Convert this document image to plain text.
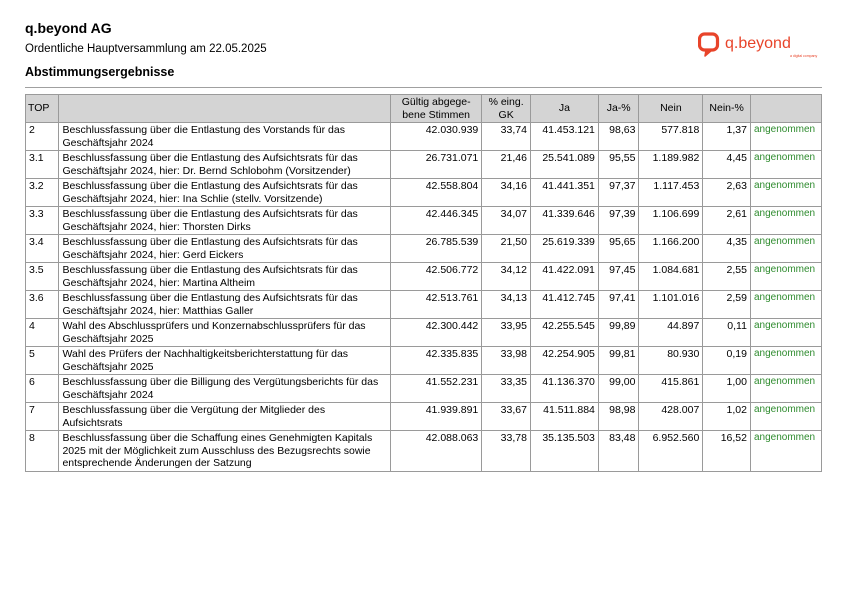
q.beyond AG
Ordentliche Hauptversammlung am 22.05.2025
Abstimmungsergebnisse
q.beyond
a digital company
TOP		Gültig abgege-bene Stimmen	% eing. GK	Ja	Ja-%	Nein	Nein-%	
2	Beschlussfassung über die Entlastung des Vorstands für das Geschäftsjahr 2024	42.030.939	33,74	41.453.121	98,63	577.818	1,37	angenommen
3.1	Beschlussfassung über die Entlastung des Aufsichtsrats für das Geschäftsjahr 2024, hier: Dr. Bernd Schlobohm (Vorsitzender)	26.731.071	21,46	25.541.089	95,55	1.189.982	4,45	angenommen
3.2	Beschlussfassung über die Entlastung des Aufsichtsrats für das Geschäftsjahr 2024, hier: Ina Schlie (stellv. Vorsitzende)	42.558.804	34,16	41.441.351	97,37	1.117.453	2,63	angenommen
3.3	Beschlussfassung über die Entlastung des Aufsichtsrats für das Geschäftsjahr 2024, hier: Thorsten Dirks	42.446.345	34,07	41.339.646	97,39	1.106.699	2,61	angenommen
3.4	Beschlussfassung über die Entlastung des Aufsichtsrats für das Geschäftsjahr 2024, hier: Gerd Eickers	26.785.539	21,50	25.619.339	95,65	1.166.200	4,35	angenommen
3.5	Beschlussfassung über die Entlastung des Aufsichtsrats für das Geschäftsjahr 2024, hier: Martina Altheim	42.506.772	34,12	41.422.091	97,45	1.084.681	2,55	angenommen
3.6	Beschlussfassung über die Entlastung des Aufsichtsrats für das Geschäftsjahr 2024, hier: Matthias Galler	42.513.761	34,13	41.412.745	97,41	1.101.016	2,59	angenommen
4	Wahl des Abschlussprüfers und Konzernabschlussprüfers für das Geschäftsjahr 2025	42.300.442	33,95	42.255.545	99,89	44.897	0,11	angenommen
5	Wahl des Prüfers der Nachhaltigkeitsberichterstattung für das Geschäftsjahr 2025	42.335.835	33,98	42.254.905	99,81	80.930	0,19	angenommen
6	Beschlussfassung über die Billigung des Vergütungsberichts für das Geschäftsjahr 2024	41.552.231	33,35	41.136.370	99,00	415.861	1,00	angenommen
7	Beschlussfassung über die Vergütung der Mitglieder des Aufsichtsrats	41.939.891	33,67	41.511.884	98,98	428.007	1,02	angenommen
8	Beschlussfassung über die Schaffung eines Genehmigten Kapitals 2025 mit der Möglichkeit zum Ausschluss des Bezugsrechts sowie entsprechende Änderungen der Satzung	42.088.063	33,78	35.135.503	83,48	6.952.560	16,52	angenommen
